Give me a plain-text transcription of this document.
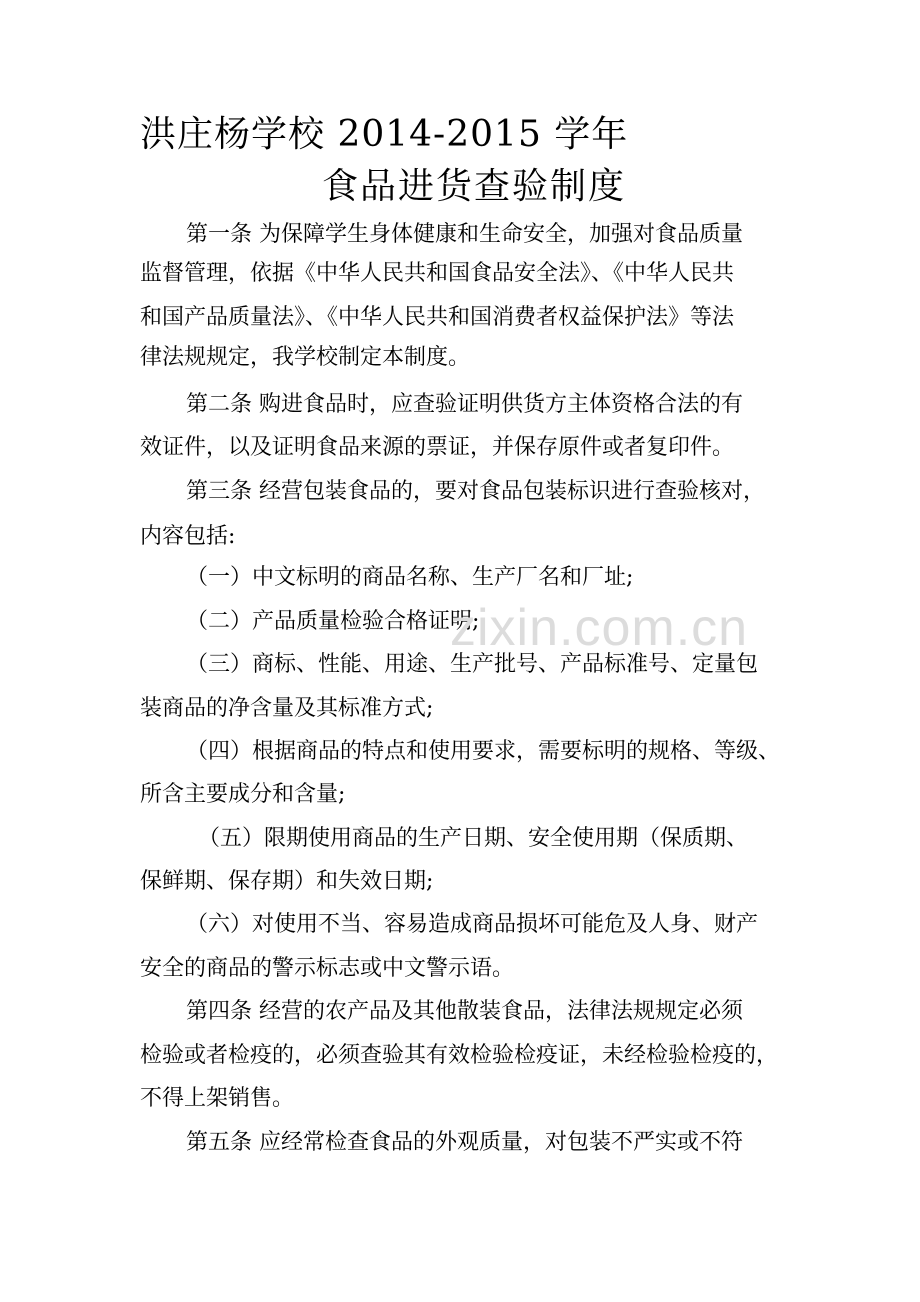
洪庄杨学校 2014-2015 学年
食品进货查验制度
第一条 为保障学生身体健康和生命安全，加强对食品质量
监督管理，依据《中华人民共和国食品安全法》、《中华人民共
和国产品质量法》、《中华人民共和国消费者权益保护法》等法
律法规规定，我学校制定本制度。
第二条 购进食品时，应查验证明供货方主体资格合法的有
效证件，以及证明食品来源的票证，并保存原件或者复印件。
第三条 经营包装食品的，要对食品包装标识进行查验核对，
内容包括:
（一）中文标明的商品名称、生产厂名和厂址;
（二）产品质量检验合格证明;
（三）商标、性能、用途、生产批号、产品标准号、定量包
装商品的净含量及其标准方式;
（四）根据商品的特点和使用要求，需要标明的规格、等级、
所含主要成分和含量;
（五）限期使用商品的生产日期、安全使用期（保质期、
保鲜期、保存期）和失效日期;
（六）对使用不当、容易造成商品损坏可能危及人身、财产
安全的商品的警示标志或中文警示语。
第四条 经营的农产品及其他散装食品，法律法规规定必须
检验或者检疫的，必须查验其有效检验检疫证，未经检验检疫的，
不得上架销售。
第五条 应经常检查食品的外观质量，对包装不严实或不符
zixin.com.cn
